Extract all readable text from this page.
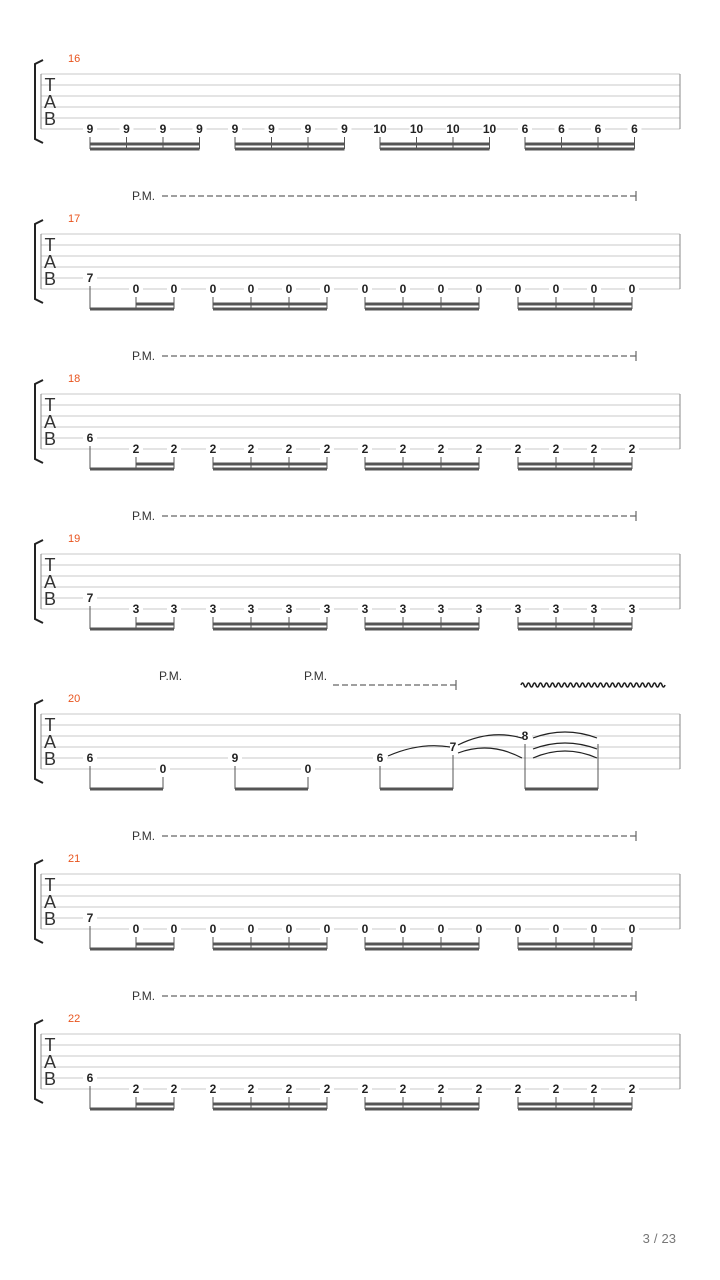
T
A
B
16
9 9 9 9 9 9 9 9 10 10 10 10 6 6 6 6
T
A
B
17
P.M.
7
0	0	0	0	0	0	0	0	0	0	0	0	0	0
T
A
B
18
P.M.
6
2	2	2	2	2	2	2	2	2	2	2	2	2	2
T
A
B
19
P.M.
7
3	3	3	3	3	3	3	3	3	3	3	3	3	3
T
A
B
20
P.M.	P.M.
6
0
9
0
6
7
8
T
A
B
21
P.M.
7
0	0	0	0	0	0	0	0	0	0	0	0	0	0
T
A
B
22
P.M.
6
2	2	2	2	2	2	2	2	2	2	2	2	2	2
3 / 23
